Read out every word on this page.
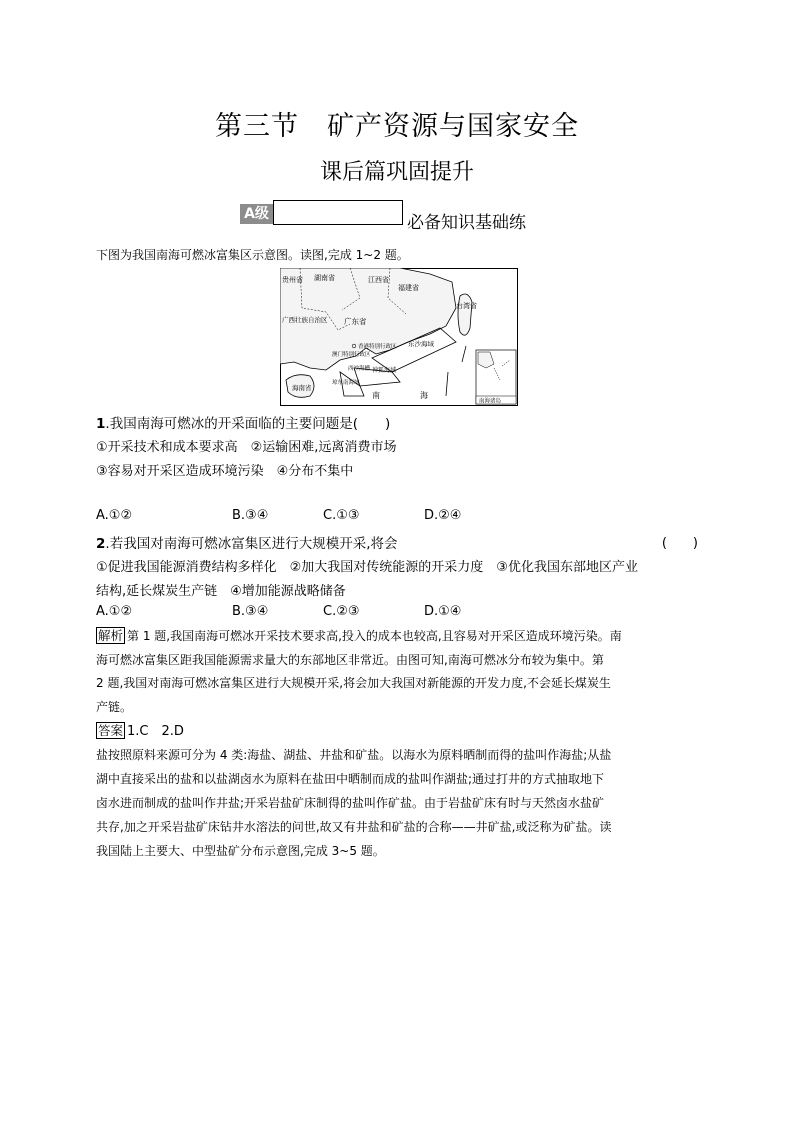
第三节　矿产资源与国家安全
课后篇巩固提升
A级	必备知识基础练
下图为我国南海可燃冰富集区示意图。读图,完成 1~2 题。
贵州省 湖南省	江西省
福建省
台湾省
广西壮族自治区 广东省
香港特别行政区
澳门特别行政区
东沙海域
神狐海域
西沙海槽
琼东南海域
海南省
南	海
南海诸岛
1.我国南海可燃冰的开采面临的主要问题是(　　)
①开采技术和成本要求高　②运输困难,远离消费市场
③容易对开采区造成环境污染　④分布不集中
A.①②	B.③④	C.①③	D.②④
2.若我国对南海可燃冰富集区进行大规模开采,将会	(　　)
①促进我国能源消费结构多样化　②加大我国对传统能源的开采力度　③优化我国东部地区产业
结构,延长煤炭生产链　④增加能源战略储备
A.①②	B.③④	C.②③	D.①④
解析 第 1 题,我国南海可燃冰开采技术要求高,投入的成本也较高,且容易对开采区造成环境污染。南
海可燃冰富集区距我国能源需求量大的东部地区非常近。由图可知,南海可燃冰分布较为集中。第
2 题,我国对南海可燃冰富集区进行大规模开采,将会加大我国对新能源的开发力度,不会延长煤炭生
产链。
答案 1.C　2.D
盐按照原料来源可分为 4 类:海盐、湖盐、井盐和矿盐。以海水为原料晒制而得的盐叫作海盐;从盐
湖中直接采出的盐和以盐湖卤水为原料在盐田中晒制而成的盐叫作湖盐;通过打井的方式抽取地下
卤水进而制成的盐叫作井盐;开采岩盐矿床制得的盐叫作矿盐。由于岩盐矿床有时与天然卤水盐矿
共存,加之开采岩盐矿床钻井水溶法的问世,故又有井盐和矿盐的合称——井矿盐,或泛称为矿盐。读
我国陆上主要大、中型盐矿分布示意图,完成 3~5 题。
